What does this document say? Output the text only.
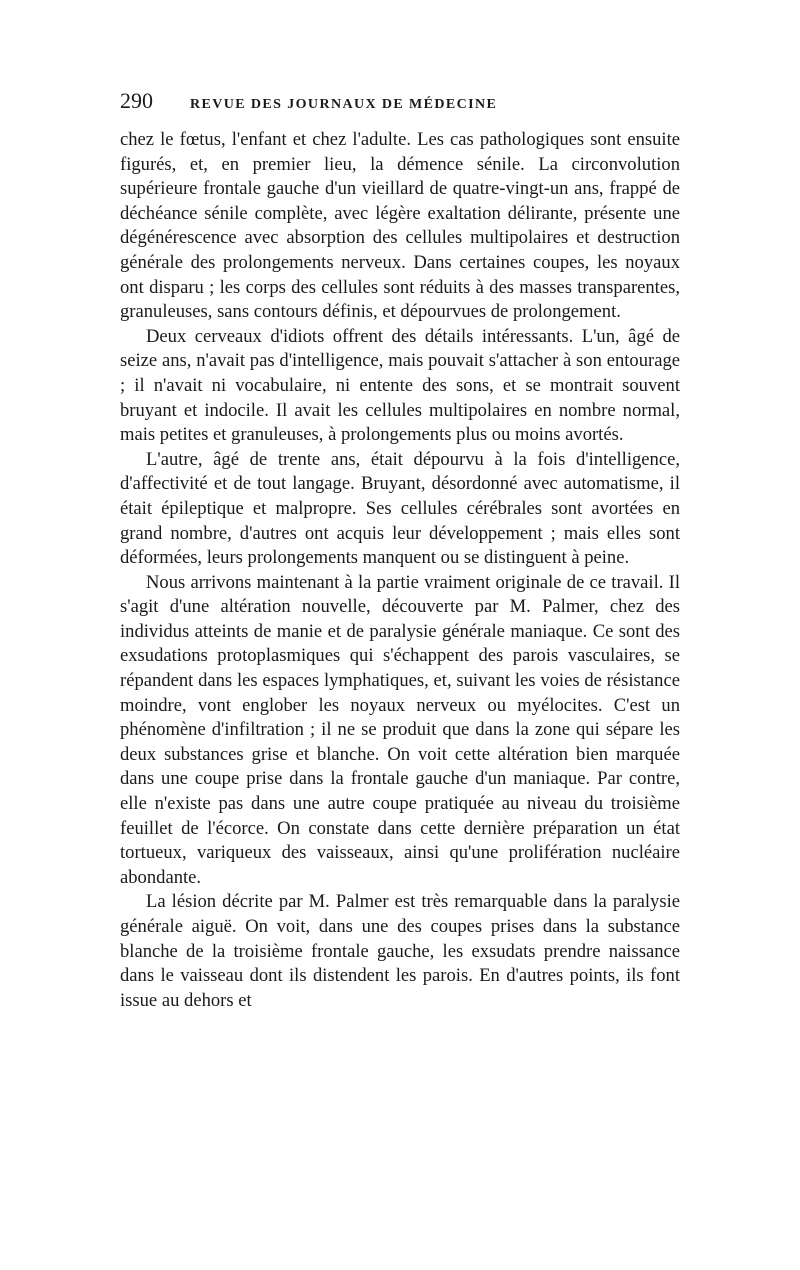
290	REVUE DES JOURNAUX DE MÉDECINE

chez le fœtus, l'enfant et chez l'adulte. Les cas pathologiques sont ensuite figurés, et, en premier lieu, la démence sénile. La circonvolution supérieure frontale gauche d'un vieillard de quatre-vingt-un ans, frappé de déchéance sénile complète, avec légère exaltation délirante, présente une dégénérescence avec absorption des cellules multipolaires et destruction générale des prolongements nerveux. Dans certaines coupes, les noyaux ont disparu ; les corps des cellules sont réduits à des masses transparentes, granuleuses, sans contours définis, et dépourvues de prolongement.

Deux cerveaux d'idiots offrent des détails intéressants. L'un, âgé de seize ans, n'avait pas d'intelligence, mais pouvait s'attacher à son entourage ; il n'avait ni vocabulaire, ni entente des sons, et se montrait souvent bruyant et indocile. Il avait les cellules multipolaires en nombre normal, mais petites et granuleuses, à prolongements plus ou moins avortés.

L'autre, âgé de trente ans, était dépourvu à la fois d'intelligence, d'affectivité et de tout langage. Bruyant, désordonné avec automatisme, il était épileptique et malpropre. Ses cellules cérébrales sont avortées en grand nombre, d'autres ont acquis leur développement ; mais elles sont déformées, leurs prolongements manquent ou se distinguent à peine.

Nous arrivons maintenant à la partie vraiment originale de ce travail. Il s'agit d'une altération nouvelle, découverte par M. Palmer, chez des individus atteints de manie et de paralysie générale maniaque. Ce sont des exsudations protoplasmiques qui s'échappent des parois vasculaires, se répandent dans les espaces lymphatiques, et, suivant les voies de résistance moindre, vont englober les noyaux nerveux ou myélocites. C'est un phénomène d'infiltration ; il ne se produit que dans la zone qui sépare les deux substances grise et blanche. On voit cette altération bien marquée dans une coupe prise dans la frontale gauche d'un maniaque. Par contre, elle n'existe pas dans une autre coupe pratiquée au niveau du troisième feuillet de l'écorce. On constate dans cette dernière préparation un état tortueux, variqueux des vaisseaux, ainsi qu'une prolifération nucléaire abondante.

La lésion décrite par M. Palmer est très remarquable dans la paralysie générale aiguë. On voit, dans une des coupes prises dans la substance blanche de la troisième frontale gauche, les exsudats prendre naissance dans le vaisseau dont ils distendent les parois. En d'autres points, ils font issue au dehors et
